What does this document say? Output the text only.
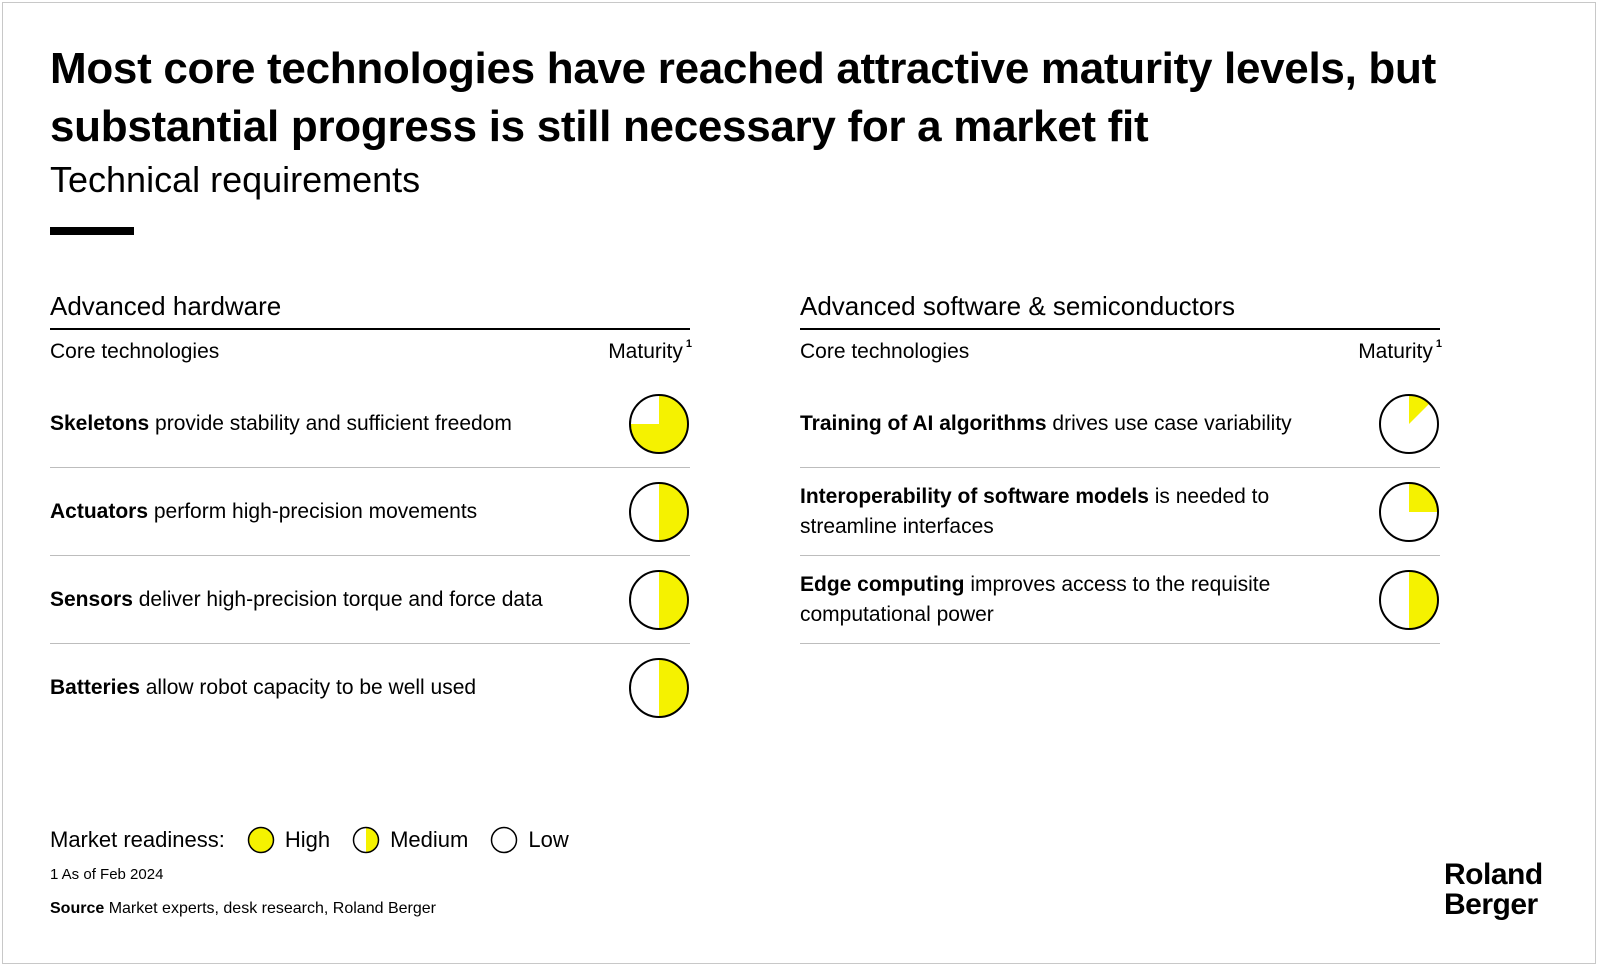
Most core technologies have reached attractive maturity levels, but substantial progress is still necessary for a market fit
Technical requirements
Advanced hardware
Core technologies	Maturity $^1$
Skeletons provide stability and sufficient freedom
Actuators perform high-precision movements
Sensors deliver high-precision torque and force data
Batteries allow robot capacity to be well used
Advanced software & semiconductors
Core technologies	Maturity $^1$
Training of AI algorithms drives use case variability
Interoperability of software models is needed to streamline interfaces
Edge computing improves access to the requisite computational power
Market readiness:	High	Medium	Low
1 As of Feb 2024
Source Market experts, desk research, Roland Berger
Roland
Berger
